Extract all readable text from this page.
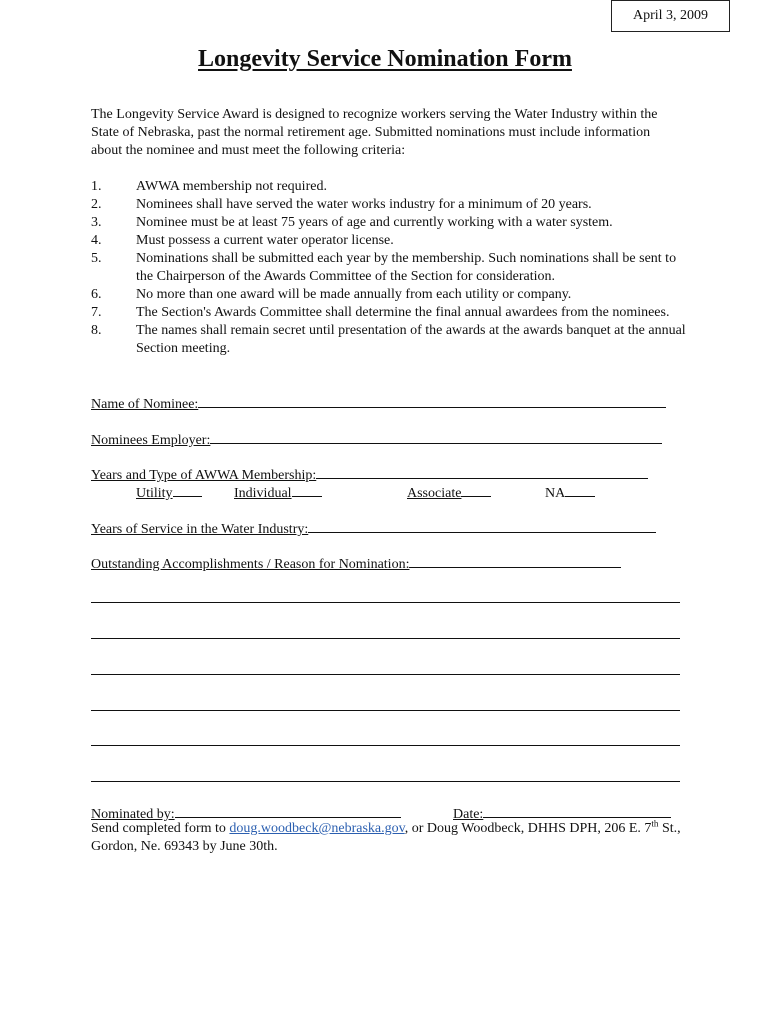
April 3, 2009
Longevity Service Nomination Form
The Longevity Service Award is designed to recognize workers serving the Water Industry within the State of Nebraska, past the normal retirement age. Submitted nominations must include information about the nominee and must meet the following criteria:
1. AWWA membership not required.
2. Nominees shall have served the water works industry for a minimum of 20 years.
3. Nominee must be at least 75 years of age and currently working with a water system.
4. Must possess a current water operator license.
5. Nominations shall be submitted each year by the membership. Such nominations shall be sent to the Chairperson of the Awards Committee of the Section for consideration.
6. No more than one award will be made annually from each utility or company.
7. The Section's Awards Committee shall determine the final annual awardees from the nominees.
8. The names shall remain secret until presentation of the awards at the awards banquet at the annual Section meeting.
Name of Nominee:
Nominees Employer:
Years and Type of AWWA Membership:
Utility	Individual	Associate	NA
Years of Service in the Water Industry:
Outstanding Accomplishments / Reason for Nomination:
Nominated by:	Date:
Send completed form to doug.woodbeck@nebraska.gov, or Doug Woodbeck, DHHS DPH, 206 E. 7th St., Gordon, Ne. 69343 by June 30th.
